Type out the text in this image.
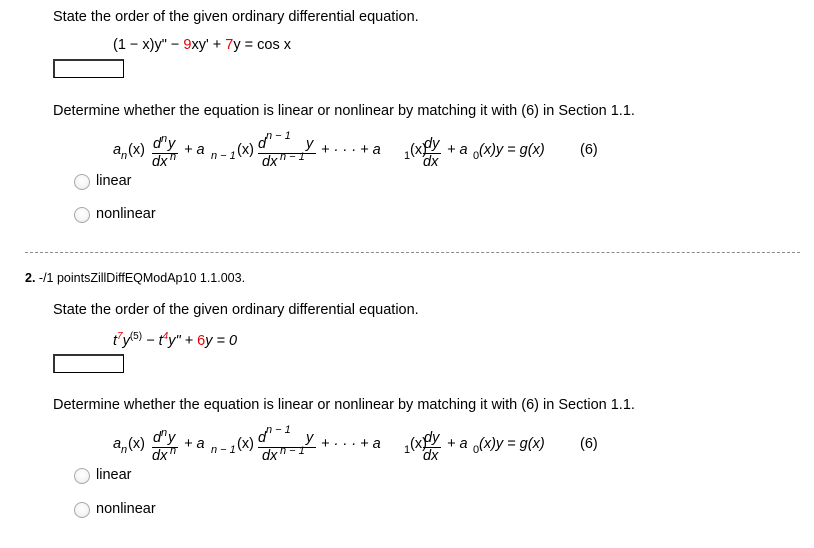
State the order of the given ordinary differential equation.
(1 − x)y" − 9xy' + 7y = cos x
Determine whether the equation is linear or nonlinear by matching it with (6) in Section 1.1.
a n (x) d n y
dx n + a n − 1 (x) d n − 1 y
dx n − 1 + · · · + a 1 (x)
dy
dx
+ a 0 (x)y = g(x) (6)
linear
nonlinear
2. -/1 pointsZillDiffEQModAp10 1.1.003.
State the order of the given ordinary differential equation.
$t^7y^{(5)} - t^4y$" + 6y = 0
Determine whether the equation is linear or nonlinear by matching it with (6) in Section 1.1.
a n (x) d n y
dx n + a n − 1 (x) d n − 1 y
dx n − 1 + · · · + a 1 (x)
dy
dx
+ a 0 (x)y = g(x) (6)
linear
nonlinear
